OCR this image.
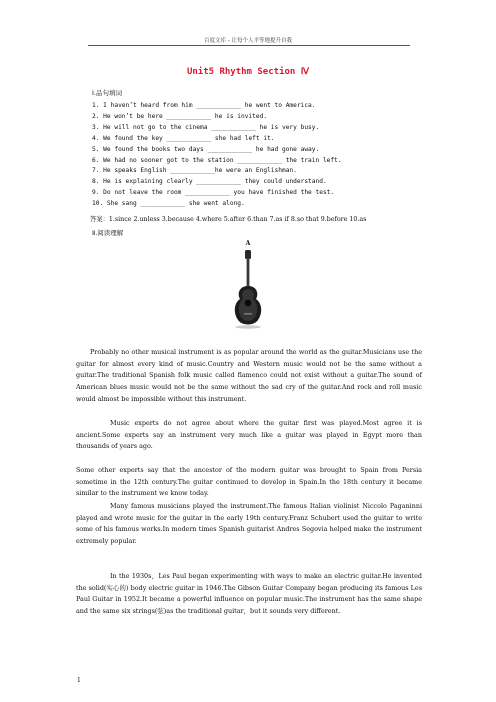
百度文库 - 让每个人平等地提升自我
Unit5 Rhythm Section Ⅳ
Ⅰ.品句填词
1. I haven’t heard from him ____________ he went to America.
2. He won’t be here ____________ he is invited.
3. He will not go to the cinema ____________ he is very busy.
4. We found the key ____________ she had left it.
5. We found the books two days ____________ he had gone away.
6. We had no sooner got to the station ____________ the train left.
7. He speaks English ____________he were an Englishman.
8. He is explaining clearly ____________ they could understand.
9. Do not leave the room ____________ you have finished the test.
10. She sang ____________ she went along.
答案：1.since 2.unless 3.because 4.where 5.after 6.than 7.as if 8.so that 9.before 10.as
Ⅱ.阅读理解
A
Probably no other musical instrument is as popular around the world as the guitar.Musicians use the guitar for almost every kind of music.Country and Western music would not be the same without a guitar.The traditional Spanish folk music called flamenco could not exist without a guitar.The sound of American blues music would not be the same without the sad cry of the guitar.And rock and roll music would almost be impossible without this instrument.
Music experts do not agree about where the guitar first was played.Most agree it is ancient.Some experts say an instrument very much like a guitar was played in Egypt more than thousands of years ago.
Some other experts say that the ancestor of the modern guitar was brought to Spain from Persia sometime in the 12th century.The guitar continued to develop in Spain.In the 18th century it became similar to the instrument we know today.
Many famous musicians played the instrument.The famous Italian violinist Niccolo Paganinni played and wrote music for the guitar in the early 19th century.Franz Schubert used the guitar to write some of his famous works.In modern times Spanish guitarist Andres Segovia helped make the instrument extremely popular.
In the 1930s，Les Paul began experimenting with ways to make an electric guitar.He invented the solid(实心的) body electric guitar in 1946.The Gibson Guitar Company began producing its famous Les Paul Guitar in 1952.It became a powerful influence on popular music.The instrument has the same shape and the same six strings(弦)as the traditional guitar，but it sounds very different.
1
